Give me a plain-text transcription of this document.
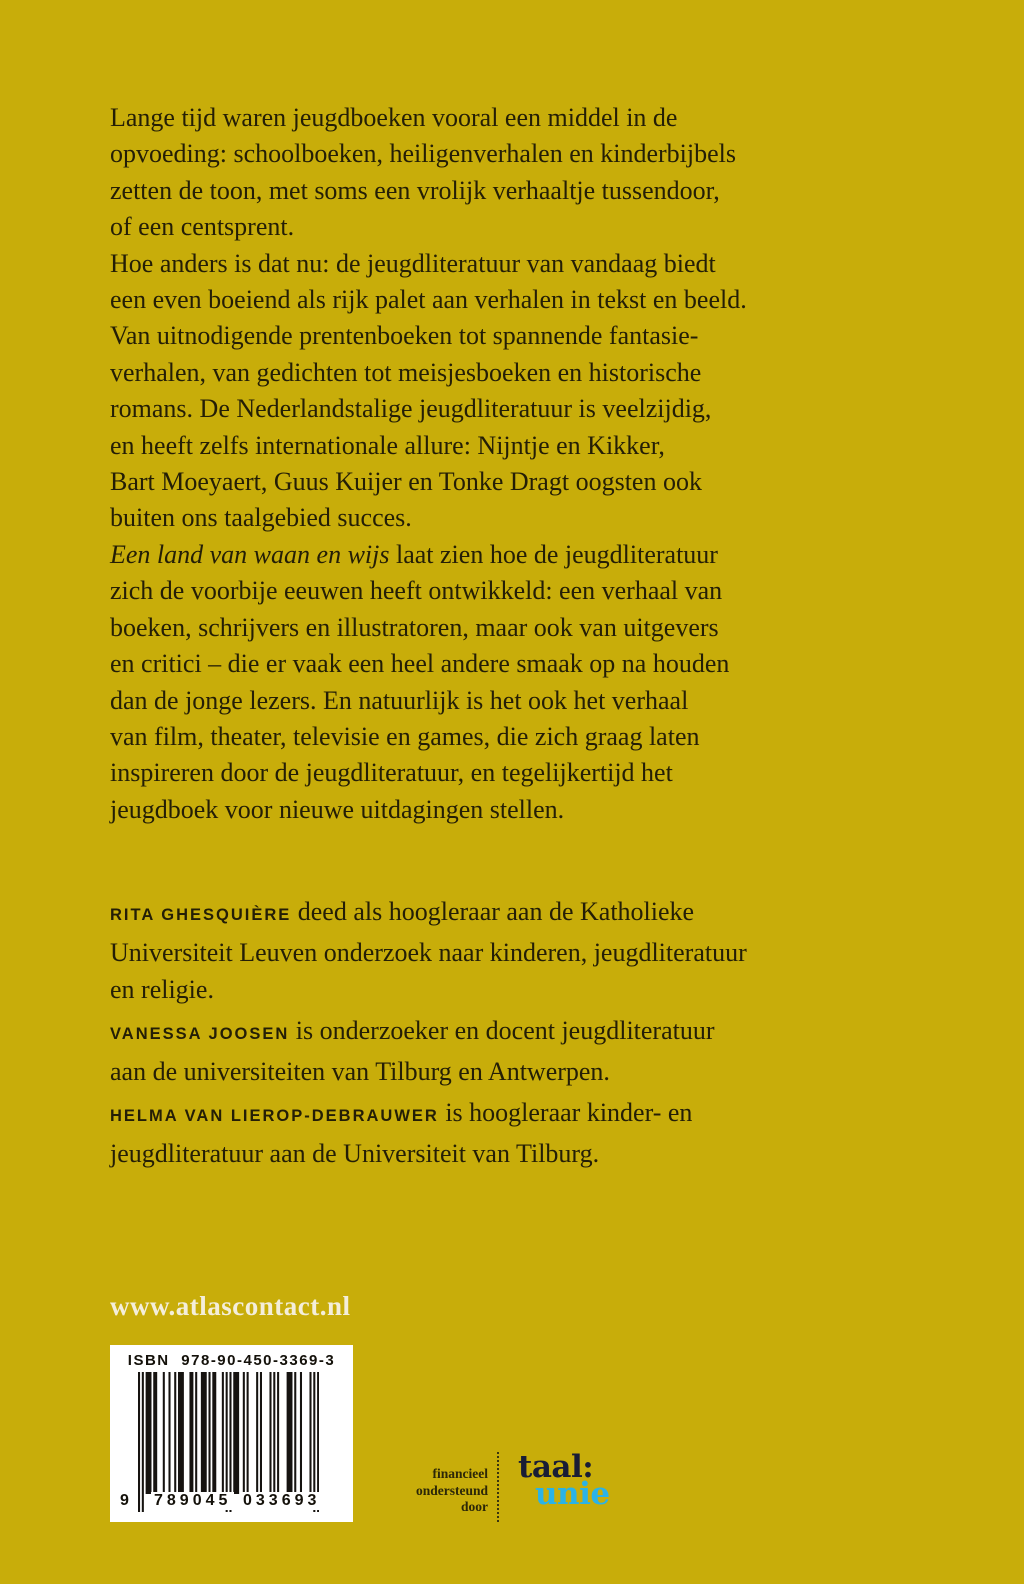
Lange tijd waren jeugdboeken vooral een middel in de
opvoeding: schoolboeken, heiligenverhalen en kinderbijbels
zetten de toon, met soms een vrolijk verhaaltje tussendoor,
of een centsprent.
Hoe anders is dat nu: de jeugdliteratuur van vandaag biedt
een even boeiend als rijk palet aan verhalen in tekst en beeld.
Van uitnodigende prentenboeken tot spannende fantasie-
verhalen, van gedichten tot meisjesboeken en historische
romans. De Nederlandstalige jeugdliteratuur is veelzijdig,
en heeft zelfs internationale allure: Nijntje en Kikker,
Bart Moeyaert, Guus Kuijer en Tonke Dragt oogsten ook
buiten ons taalgebied succes.
Een land van waan en wijs laat zien hoe de jeugdliteratuur
zich de voorbije eeuwen heeft ontwikkeld: een verhaal van
boeken, schrijvers en illustratoren, maar ook van uitgevers
en critici – die er vaak een heel andere smaak op na houden
dan de jonge lezers. En natuurlijk is het ook het verhaal
van film, theater, televisie en games, die zich graag laten
inspireren door de jeugdliteratuur, en tegelijkertijd het
jeugdboek voor nieuwe uitdagingen stellen.
RITA GHESQUIÈRE deed als hoogleraar aan de Katholieke
Universiteit Leuven onderzoek naar kinderen, jeugdliteratuur
en religie.
VANESSA JOOSEN is onderzoeker en docent jeugdliteratuur
aan de universiteiten van Tilburg en Antwerpen.
HELMA VAN LIEROP-DEBRAUWER is hoogleraar kinder- en
jeugdliteratuur aan de Universiteit van Tilburg.
www.atlascontact.nl
ISBN 978-90-450-3369-3
9 789045 033693
financieel
ondersteund
door
taal:
unie
